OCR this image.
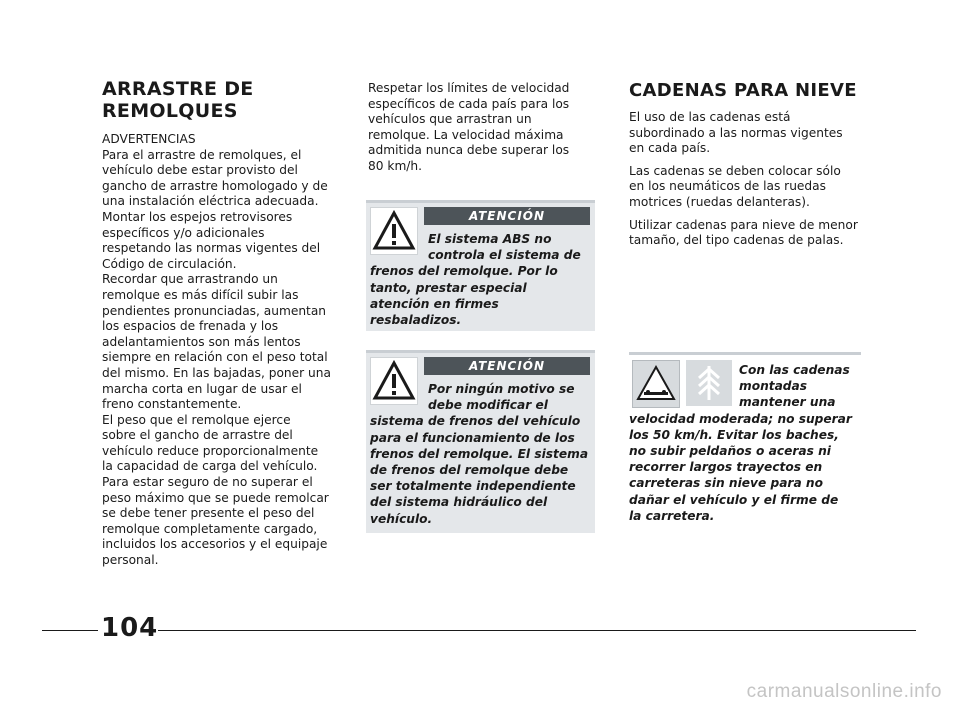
ARRASTRE DE
REMOLQUES

ADVERTENCIAS

Para el arrastre de remolques, el
vehículo debe estar provisto del
gancho de arrastre homologado y de
una instalación eléctrica adecuada.
Montar los espejos retrovisores
específicos y/o adicionales
respetando las normas vigentes del
Código de circulación.
Recordar que arrastrando un
remolque es más difícil subir las
pendientes pronunciadas, aumentan
los espacios de frenada y los
adelantamientos son más lentos
siempre en relación con el peso total
del mismo. En las bajadas, poner una
marcha corta en lugar de usar el
freno constantemente.
El peso que el remolque ejerce
sobre el gancho de arrastre del
vehículo reduce proporcionalmente
la capacidad de carga del vehículo.
Para estar seguro de no superar el
peso máximo que se puede remolcar
se debe tener presente el peso del
remolque completamente cargado,
incluidos los accesorios y el equipaje
personal.

Respetar los límites de velocidad
específicos de cada país para los
vehículos que arrastran un
remolque. La velocidad máxima
admitida nunca debe superar los
80 km/h.

ATENCIÓN

El sistema ABS no
controla el sistema de
frenos del remolque. Por lo
tanto, prestar especial
atención en firmes
resbaladizos.

ATENCIÓN

Por ningún motivo se
debe modificar el
sistema de frenos del vehículo
para el funcionamiento de los
frenos del remolque. El sistema
de frenos del remolque debe
ser totalmente independiente
del sistema hidráulico del
vehículo.

CADENAS PARA NIEVE

El uso de las cadenas está
subordinado a las normas vigentes
en cada país.

Las cadenas se deben colocar sólo
en los neumáticos de las ruedas
motrices (ruedas delanteras).

Utilizar cadenas para nieve de menor
tamaño, del tipo cadenas de palas.

Con las cadenas
montadas
mantener una
velocidad moderada; no superar
los 50 km/h. Evitar los baches,
no subir peldaños o aceras ni
recorrer largos trayectos en
carreteras sin nieve para no
dañar el vehículo y el firme de
la carretera.

104
carmanualsonline.info
